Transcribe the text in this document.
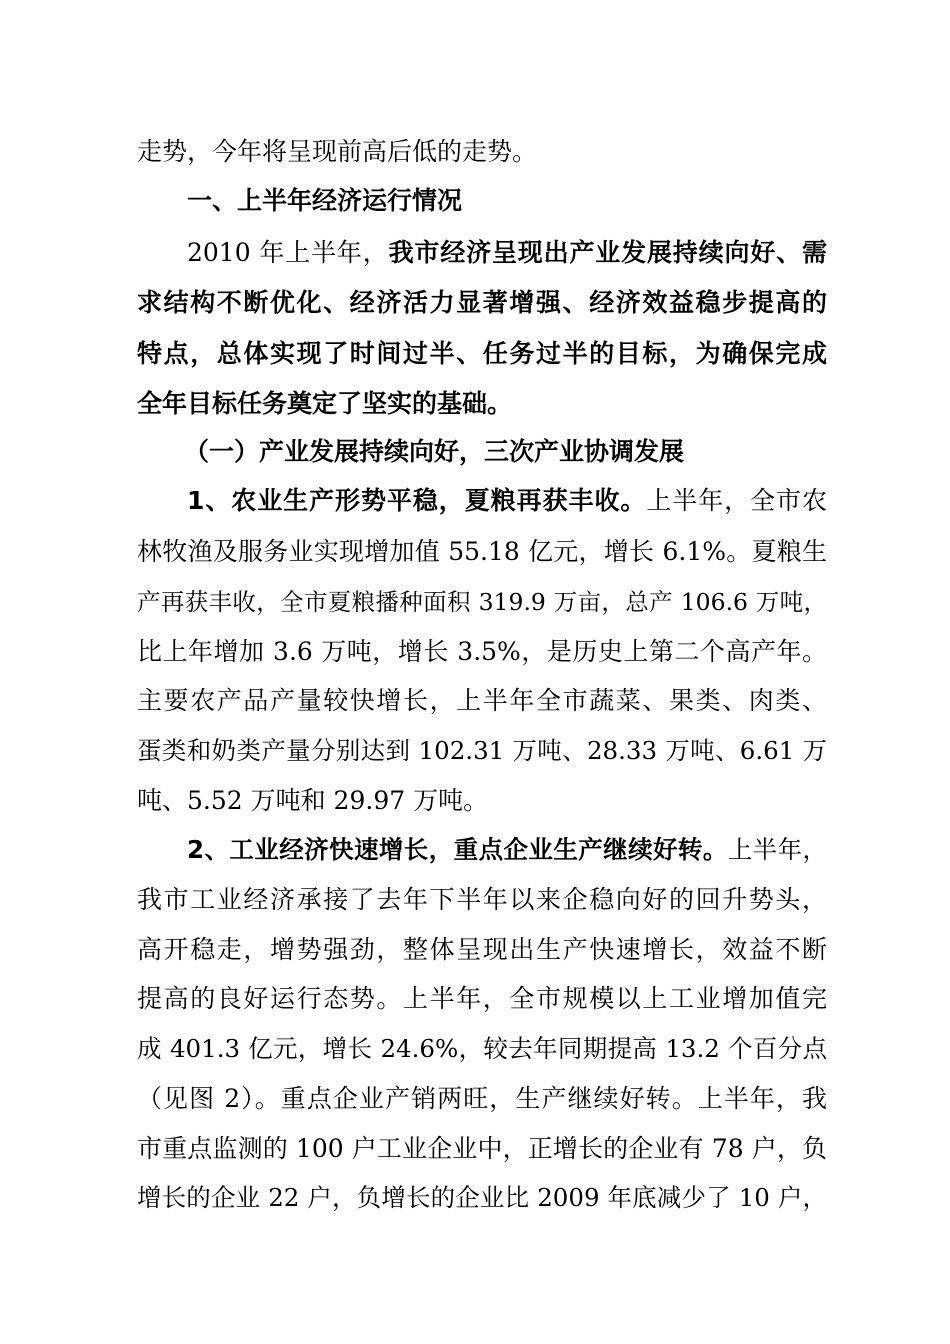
走势，今年将呈现前高后低的走势。
一、上半年经济运行情况
2010 年上半年，我市经济呈现出产业发展持续向好、需
求结构不断优化、经济活力显著增强、经济效益稳步提高的
特点，总体实现了时间过半、任务过半的目标，为确保完成
全年目标任务奠定了坚实的基础。
（一）产业发展持续向好，三次产业协调发展
1、农业生产形势平稳，夏粮再获丰收。上半年，全市农
林牧渔及服务业实现增加值 55.18 亿元，增长 6.1%。夏粮生
产再获丰收，全市夏粮播种面积 319.9 万亩，总产 106.6 万吨，
比上年增加 3.6 万吨，增长 3.5%，是历史上第二个高产年。
主要农产品产量较快增长，上半年全市蔬菜、果类、肉类、
蛋类和奶类产量分别达到 102.31 万吨、28.33 万吨、6.61 万
吨、5.52 万吨和 29.97 万吨。
2、工业经济快速增长，重点企业生产继续好转。上半年，
我市工业经济承接了去年下半年以来企稳向好的回升势头，
高开稳走，增势强劲，整体呈现出生产快速增长，效益不断
提高的良好运行态势。上半年，全市规模以上工业增加值完
成 401.3 亿元，增长 24.6%，较去年同期提高 13.2 个百分点
（见图 2）。重点企业产销两旺，生产继续好转。上半年，我
市重点监测的 100 户工业企业中，正增长的企业有 78 户，负
增长的企业 22 户，负增长的企业比 2009 年底减少了 10 户，
